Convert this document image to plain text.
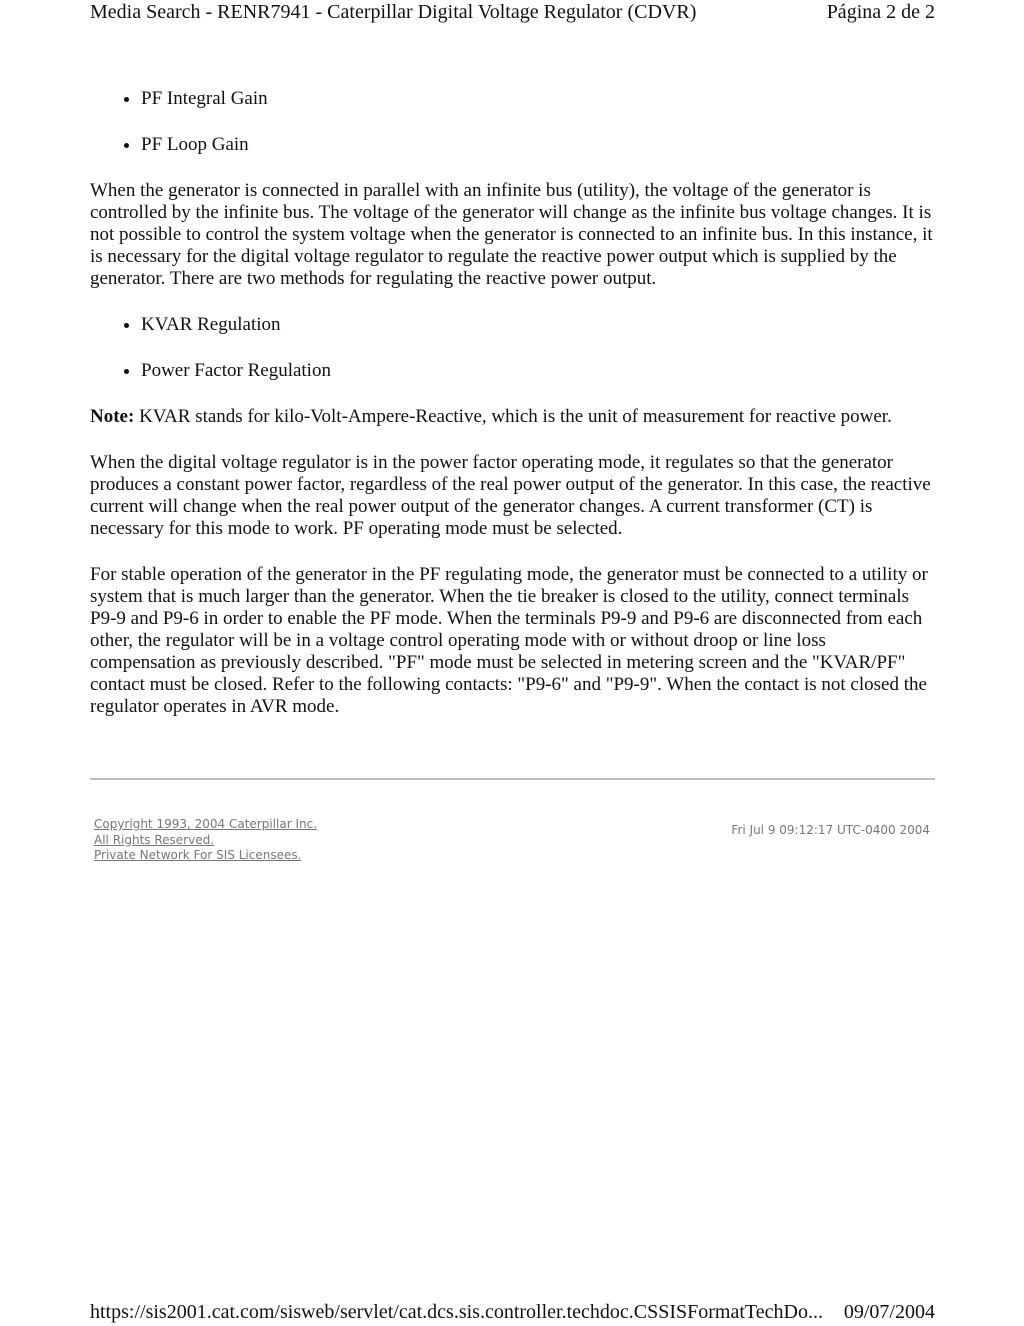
Media Search - RENR7941 - Caterpillar Digital Voltage Regulator (CDVR)	Página 2 de 2
• PF Integral Gain
• PF Loop Gain

When the generator is connected in parallel with an infinite bus (utility), the voltage of the generator is controlled by the infinite bus. The voltage of the generator will change as the infinite bus voltage changes. It is not possible to control the system voltage when the generator is connected to an infinite bus. In this instance, it is necessary for the digital voltage regulator to regulate the reactive power output which is supplied by the generator. There are two methods for regulating the reactive power output.

• KVAR Regulation
• Power Factor Regulation

Note: KVAR stands for kilo-Volt-Ampere-Reactive, which is the unit of measurement for reactive power.

When the digital voltage regulator is in the power factor operating mode, it regulates so that the generator produces a constant power factor, regardless of the real power output of the generator. In this case, the reactive current will change when the real power output of the generator changes. A current transformer (CT) is necessary for this mode to work. PF operating mode must be selected.

For stable operation of the generator in the PF regulating mode, the generator must be connected to a utility or system that is much larger than the generator. When the tie breaker is closed to the utility, connect terminals P9-9 and P9-6 in order to enable the PF mode. When the terminals P9-9 and P9-6 are disconnected from each other, the regulator will be in a voltage control operating mode with or without droop or line loss compensation as previously described. "PF" mode must be selected in metering screen and the "KVAR/PF" contact must be closed. Refer to the following contacts: "P9-6" and "P9-9". When the contact is not closed the regulator operates in AVR mode.

Copyright 1993, 2004 Caterpillar Inc.
All Rights Reserved.
Private Network For SIS Licensees.
Fri Jul 9 09:12:17 UTC-0400 2004
https://sis2001.cat.com/sisweb/servlet/cat.dcs.sis.controller.techdoc.CSSISFormatTechDo... 09/07/2004
